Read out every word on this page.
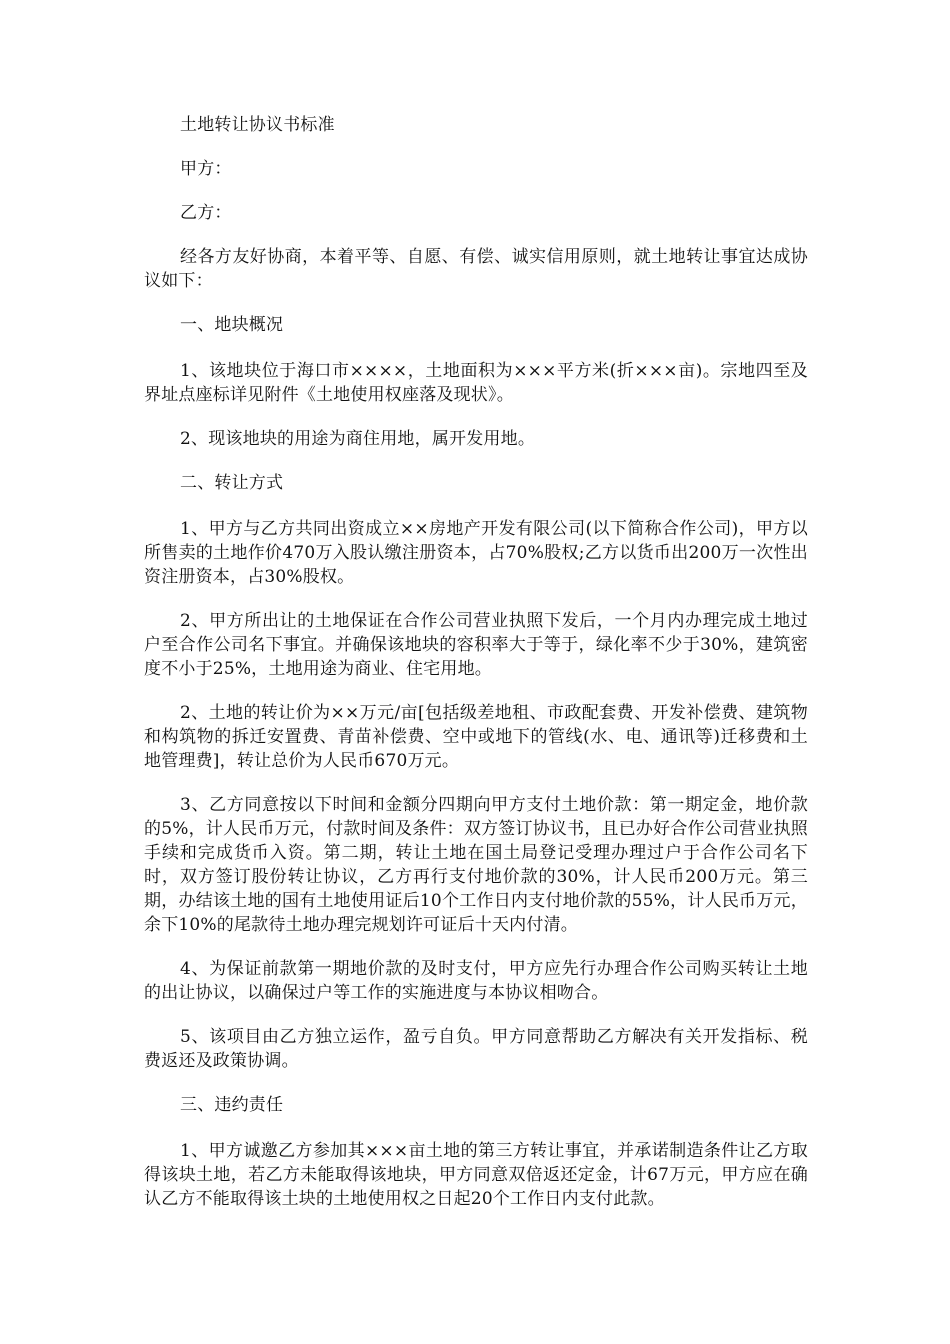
土地转让协议书标准

甲方：

乙方：

经各方友好协商，本着平等、自愿、有偿、诚实信用原则，就土地转让事宜达成协议如下：

一、地块概况

1、该地块位于海口市××××，土地面积为×××平方米(折×××亩)。宗地四至及界址点座标详见附件《土地使用权座落及现状》。

2、现该地块的用途为商住用地，属开发用地。

二、转让方式

1、甲方与乙方共同出资成立××房地产开发有限公司(以下简称合作公司)，甲方以所售卖的土地作价470万入股认缴注册资本，占70%股权;乙方以货币出200万一次性出资注册资本，占30%股权。

2、甲方所出让的土地保证在合作公司营业执照下发后，一个月内办理完成土地过户至合作公司名下事宜。并确保该地块的容积率大于等于，绿化率不少于30%，建筑密度不小于25%，土地用途为商业、住宅用地。

2、土地的转让价为××万元/亩[包括级差地租、市政配套费、开发补偿费、建筑物和构筑物的拆迁安置费、青苗补偿费、空中或地下的管线(水、电、通讯等)迁移费和土地管理费]，转让总价为人民币670万元。

3、乙方同意按以下时间和金额分四期向甲方支付土地价款：第一期定金，地价款的5%，计人民币万元，付款时间及条件：双方签订协议书，且已办好合作公司营业执照手续和完成货币入资。第二期，转让土地在国土局登记受理办理过户于合作公司名下时，双方签订股份转让协议，乙方再行支付地价款的30%，计人民币200万元。第三期，办结该土地的国有土地使用证后10个工作日内支付地价款的55%，计人民币万元，余下10%的尾款待土地办理完规划许可证后十天内付清。

4、为保证前款第一期地价款的及时支付，甲方应先行办理合作公司购买转让土地的出让协议，以确保过户等工作的实施进度与本协议相吻合。

5、该项目由乙方独立运作，盈亏自负。甲方同意帮助乙方解决有关开发指标、税费返还及政策协调。

三、违约责任

1、甲方诚邀乙方参加其×××亩土地的第三方转让事宜，并承诺制造条件让乙方取得该块土地，若乙方未能取得该地块，甲方同意双倍返还定金，计67万元，甲方应在确认乙方不能取得该土块的土地使用权之日起20个工作日内支付此款。
